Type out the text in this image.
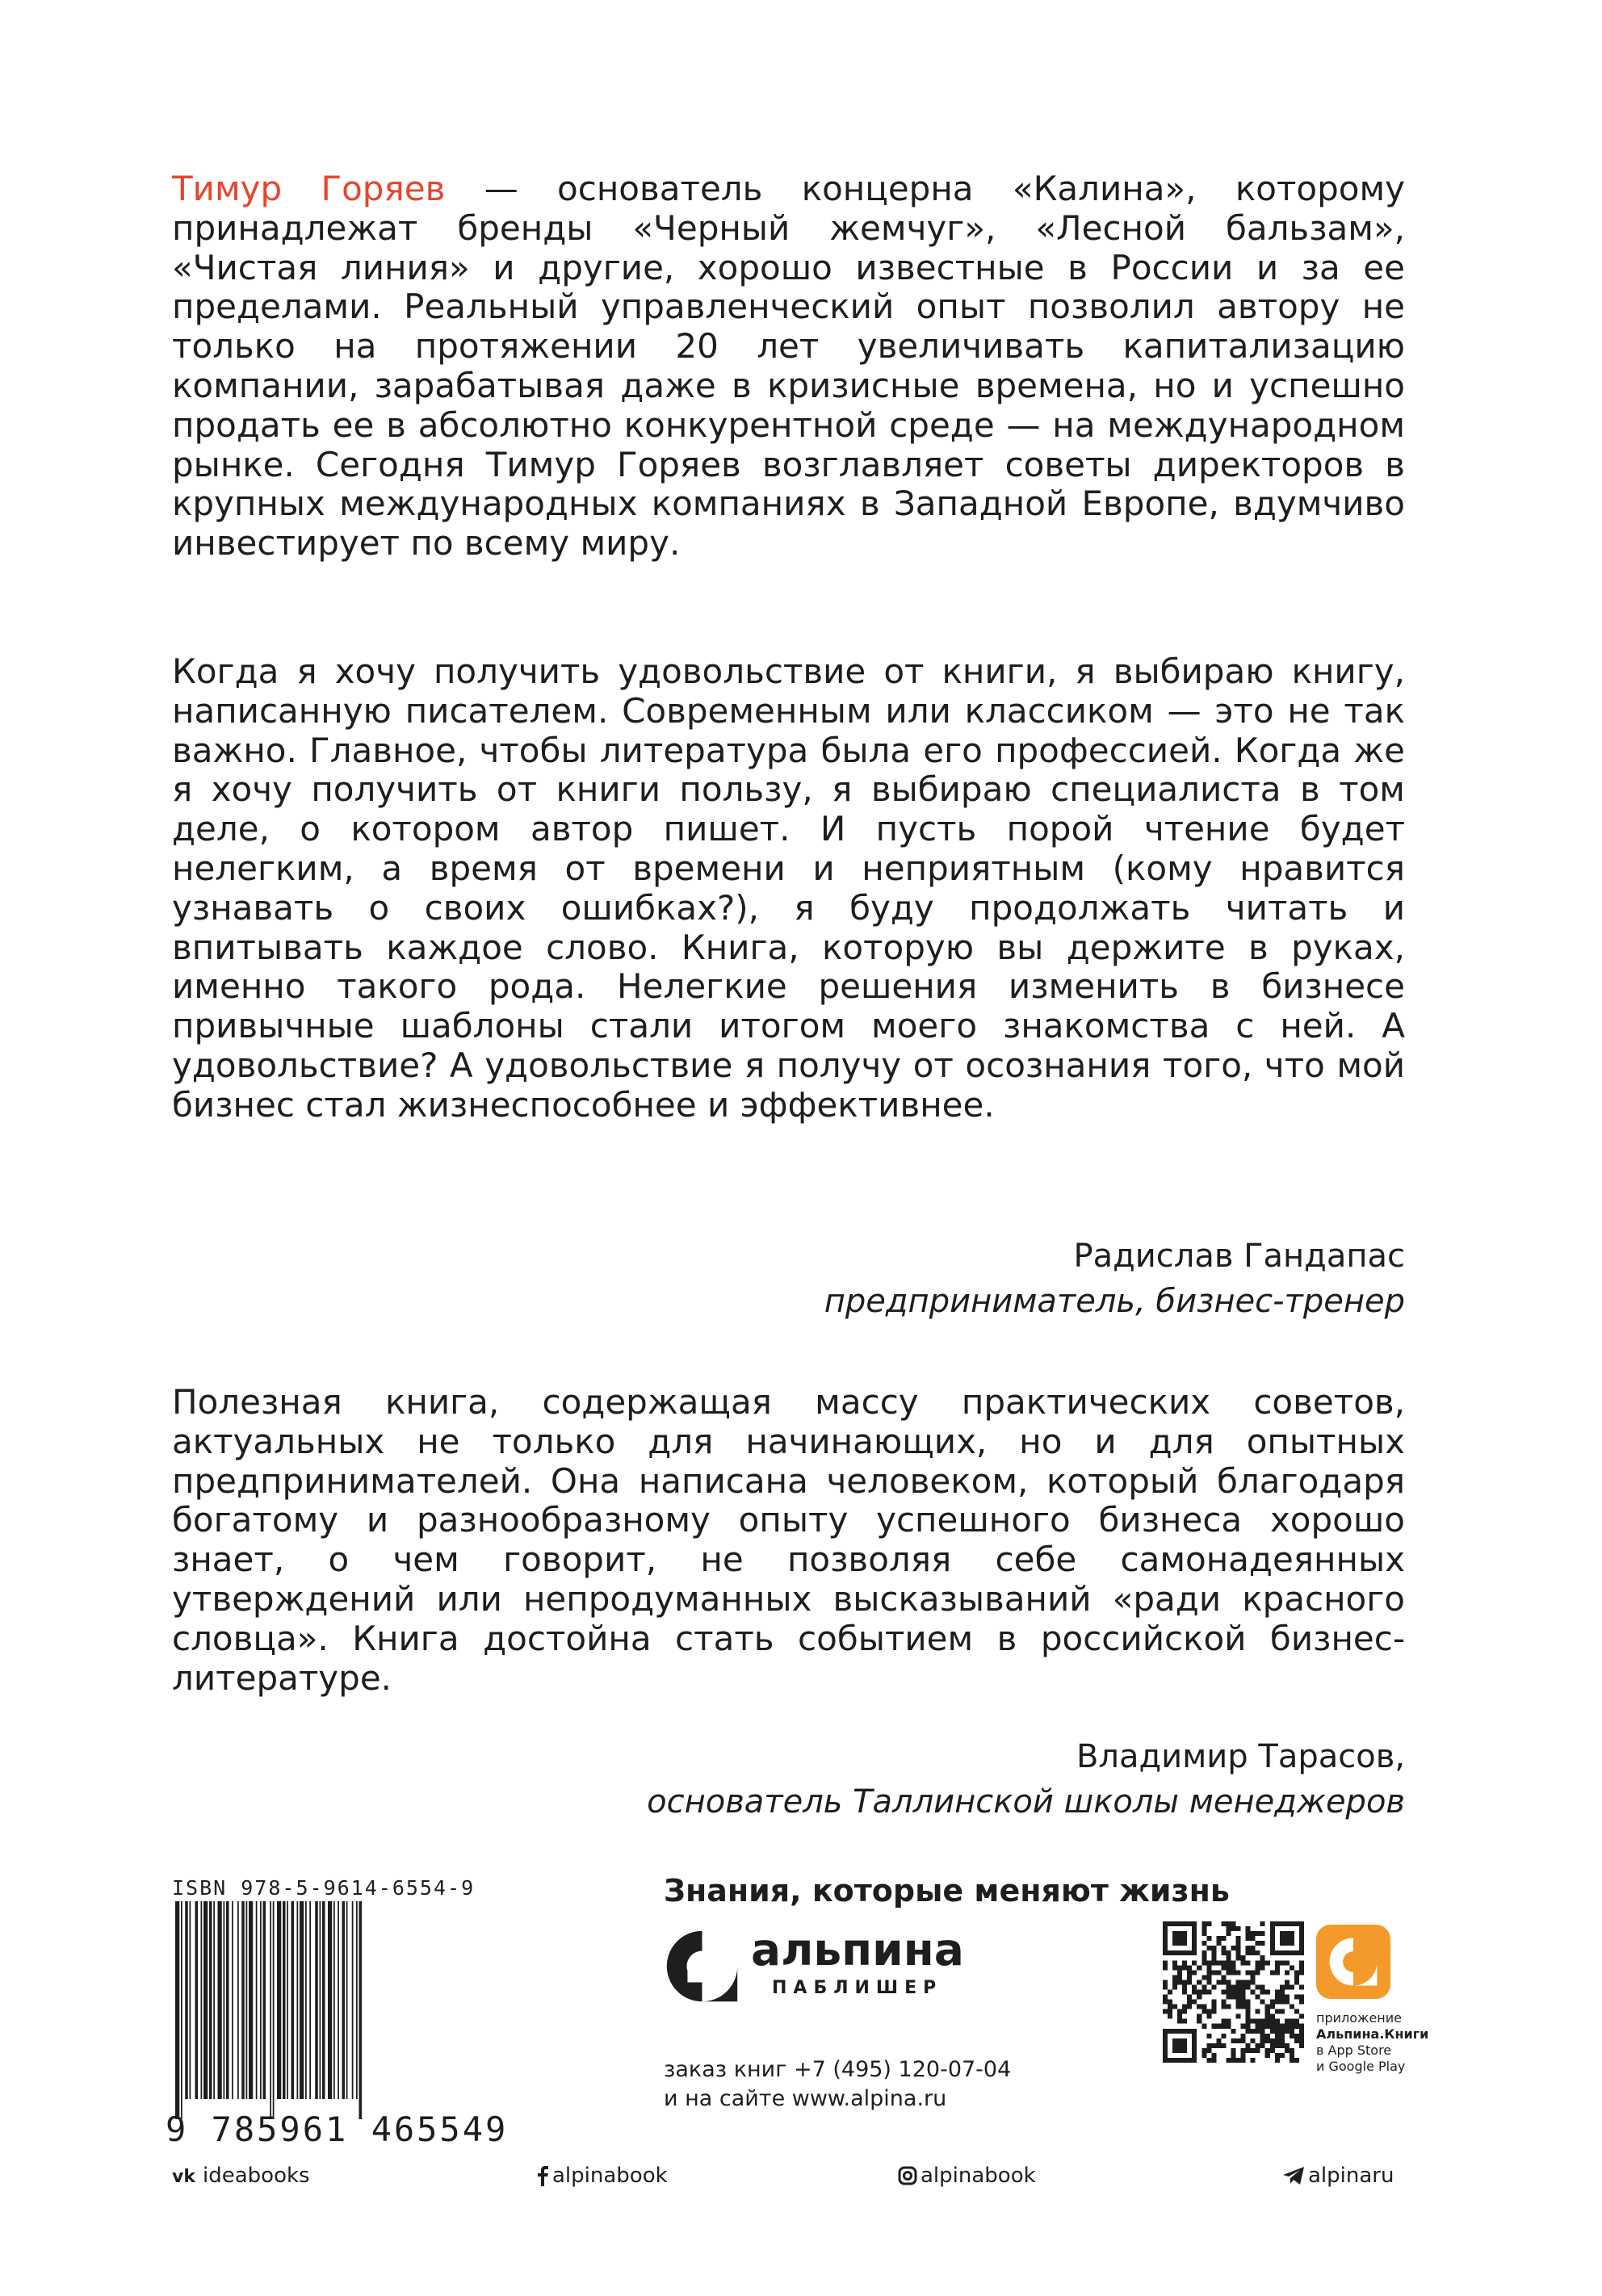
Тимур Горяев — основатель концерна «Калина», которому принадлежат бренды «Черный жемчуг», «Лесной бальзам», «Чистая линия» и другие, хорошо известные в России и за ее пределами. Реальный управленческий опыт позволил автору не только на протяжении 20 лет увеличивать капитализацию компании, зарабатывая даже в кризисные времена, но и успешно продать ее в абсолютно конкурентной среде — на международном рынке. Сегодня Тимур Горяев возглавляет советы директоров в крупных международных компаниях в Западной Европе, вдумчиво инвестирует по всему миру.

Когда я хочу получить удовольствие от книги, я выбираю книгу, написанную писателем. Современным или классиком — это не так важно. Главное, чтобы литература была его профессией. Когда же я хочу получить от книги пользу, я выбираю специалиста в том деле, о котором автор пишет. И пусть порой чтение будет нелегким, а время от времени и неприятным (кому нравится узнавать о своих ошибках?), я буду продолжать читать и впитывать каждое слово. Книга, которую вы держите в руках, именно такого рода. Нелегкие решения изменить в бизнесе привычные шаблоны стали итогом моего знакомства с ней. А удовольствие? А удовольствие я получу от осознания того, что мой бизнес стал жизнеспособнее и эффективнее.

Радислав Гандапас
предприниматель, бизнес-тренер

Полезная книга, содержащая массу практических советов, актуальных не только для начинающих, но и для опытных предпринимателей. Она написана человеком, который благодаря богатому и разнообразному опыту успешного бизнеса хорошо знает, о чем говорит, не позволяя себе самонадеянных утверждений или непродуманных высказываний «ради красного словца». Книга достойна стать событием в российской бизнес-литературе.

Владимир Тарасов,
основатель Таллинской школы менеджеров
ISBN 978-5-9614-6554-9
9 785961 465549
Знания, которые меняют жизнь
альпина
ПАБЛИШЕР
заказ книг +7 (495) 120-07-04
и на сайте www.alpina.ru
приложение
Альпина.Книги
в App Store
и Google Play
vk ideabooks	alpinabook	alpinabook	alpinaru
